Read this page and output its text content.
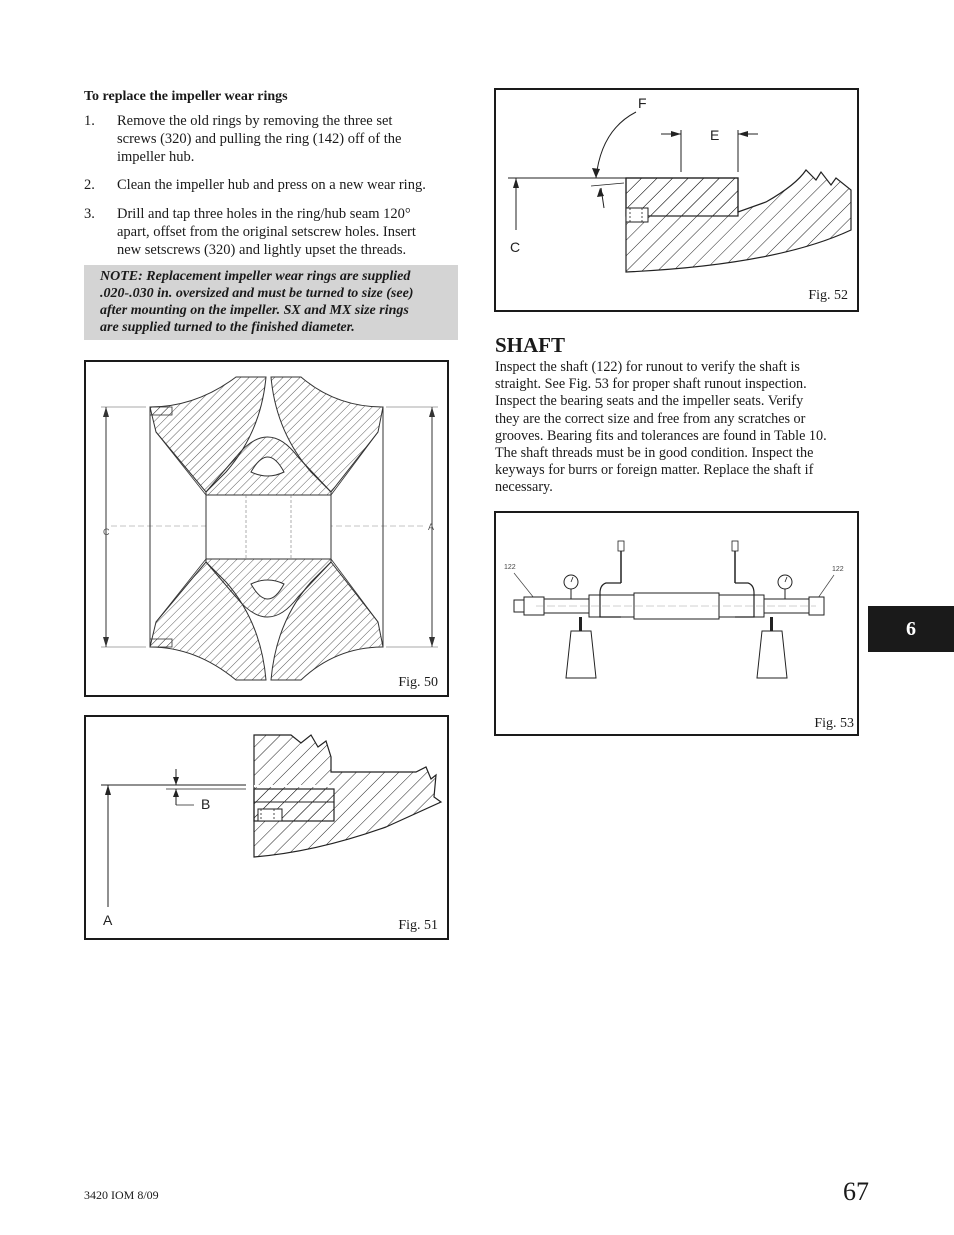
To replace the impeller wear rings
1.	Remove the old rings by removing the three set
screws (320) and pulling the ring (142) off of the
impeller hub.
2.	Clean the impeller hub and press on a new wear ring.
3.	Drill and tap three holes in the ring/hub seam 120°
apart, offset from the original setscrew holes. Insert
new setscrews (320) and lightly upset the threads.
NOTE: Replacement impeller wear rings are supplied
.020-.030 in. oversized and must be turned to size (see)
after mounting on the impeller. SX and MX size rings
are supplied turned to the finished diameter.
C	A
Fig. 50
A
B
Fig. 51
C
E
F
Fig. 52
SHAFT
Inspect the shaft (122) for runout to verify the shaft is
straight. See Fig. 53 for proper shaft runout inspection.
Inspect the bearing seats and the impeller seats. Verify
they are the correct size and free from any scratches or
grooves. Bearing fits and tolerances are found in Table 10.
The shaft threads must be in good condition. Inspect the
keyways for burrs or foreign matter. Replace the shaft if
necessary.
122	122
Fig. 53
6
3420 IOM 8/09	67
